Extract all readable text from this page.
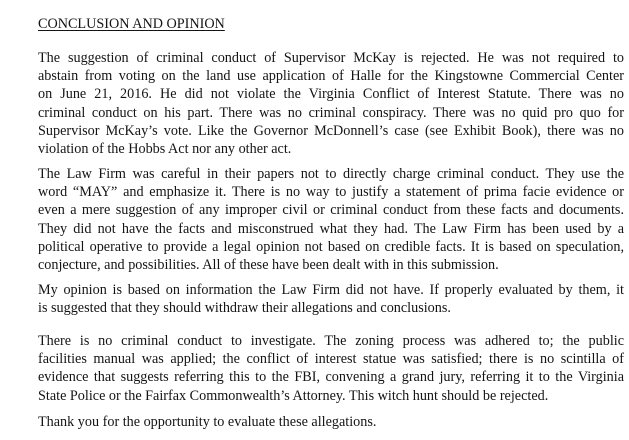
CONCLUSION AND OPINION

The suggestion of criminal conduct of Supervisor McKay is rejected. He was not required to
abstain from voting on the land use application of Halle for the Kingstowne Commercial Center
on June 21, 2016. He did not violate the Virginia Conflict of Interest Statute. There was no
criminal conduct on his part. There was no criminal conspiracy. There was no quid pro quo for
Supervisor McKay’s vote. Like the Governor McDonnell’s case (see Exhibit Book), there was no
violation of the Hobbs Act nor any other act.

The Law Firm was careful in their papers not to directly charge criminal conduct. They use the
word “MAY” and emphasize it. There is no way to justify a statement of prima facie evidence or
even a mere suggestion of any improper civil or criminal conduct from these facts and documents.
They did not have the facts and misconstrued what they had. The Law Firm has been used by a
political operative to provide a legal opinion not based on credible facts. It is based on speculation,
conjecture, and possibilities. All of these have been dealt with in this submission.

My opinion is based on information the Law Firm did not have. If properly evaluated by them, it
is suggested that they should withdraw their allegations and conclusions.

There is no criminal conduct to investigate. The zoning process was adhered to; the public
facilities manual was applied; the conflict of interest statue was satisfied; there is no scintilla of
evidence that suggests referring this to the FBI, convening a grand jury, referring it to the Virginia
State Police or the Fairfax Commonwealth’s Attorney. This witch hunt should be rejected.

Thank you for the opportunity to evaluate these allegations.
